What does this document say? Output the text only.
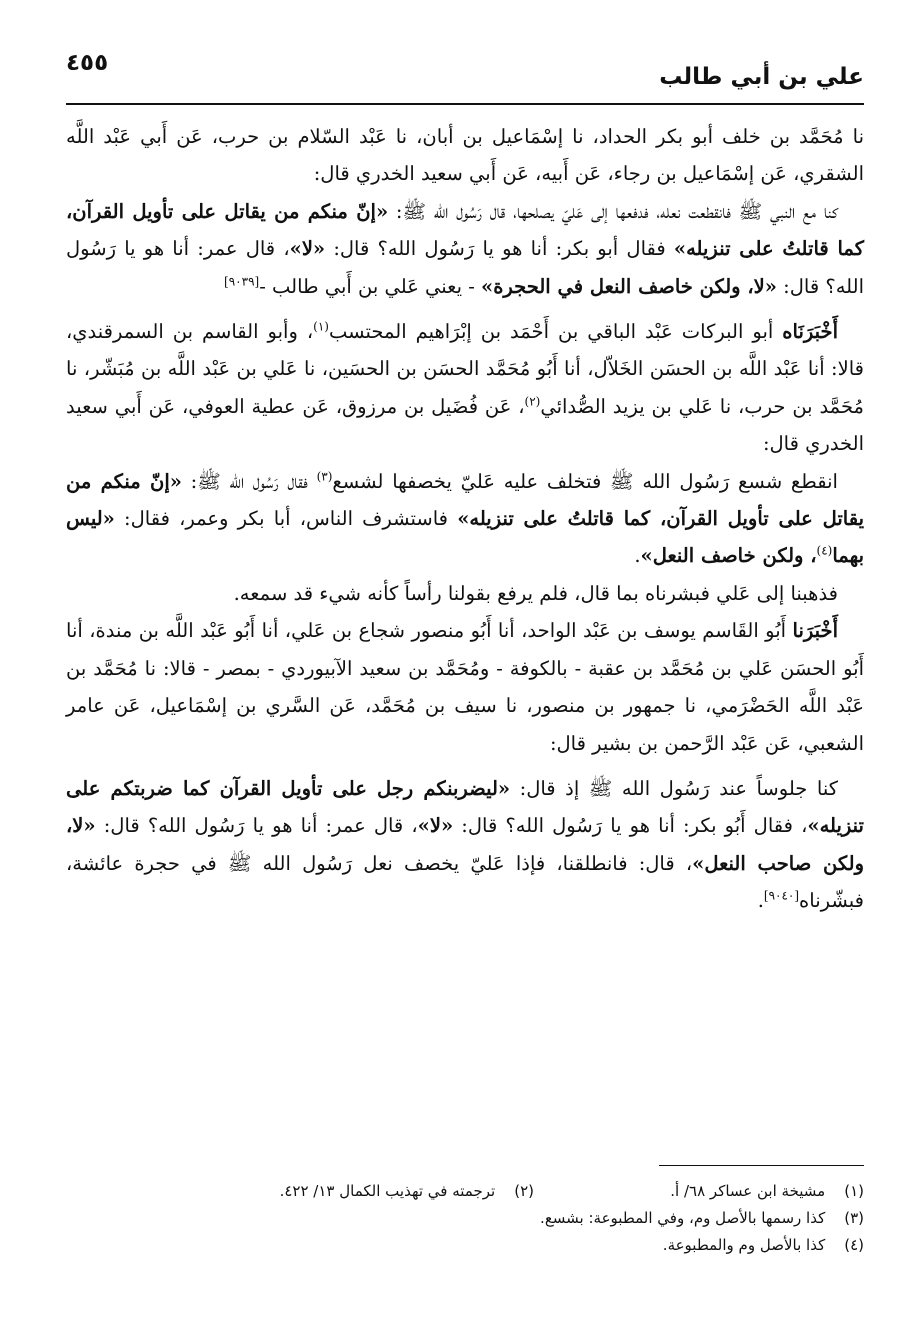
علي بن أبي طالب
٤٥٥

نا مُحَمَّد بن خلف أبو بكر الحداد، نا إسْمَاعيل بن أبان، نا عَبْد السّلام بن حرب، عَن أَبي عَبْد اللَّه الشقري، عَن إسْمَاعيل بن رجاء، عَن أَبيه، عَن أَبي سعيد الخدري قال:

كنا مع النبي ﷺ فانقطعت نعله، فدفعها إلى عَليّ يصلحها، قال رَسُول الله ﷺ: «إنّ منكم من يقاتل على تأويل القرآن، كما قاتلتُ على تنزيله» فقال أبو بكر: أنا هو يا رَسُول الله؟ قال: «لا»، قال عمر: أنا هو يا رَسُول الله؟ قال: «لا، ولكن خاصف النعل في الحجرة» - يعني عَلي بن أَبي طالب -[٩٠٣٩]

أَخْبَرَنَاه أبو البركات عَبْد الباقي بن أَحْمَد بن إبْرَاهيم المحتسب$^{(١)}$، وأبو القاسم بن السمرقندي، قالا: أنا عَبْد اللَّه بن الحسَن الخَلاّل، أنا أَبُو مُحَمَّد الحسَن بن الحسَين، نا عَلي بن عَبْد اللَّه بن مُبَشّر، نا مُحَمَّد بن حرب، نا عَلي بن يزيد الصُّدائي$^{(٢)}$، عَن فُضَيل بن مرزوق، عَن عطية العوفي، عَن أَبي سعيد الخدري قال:

انقطع شسع رَسُول الله ﷺ فتخلف عليه عَليّ يخصفها لشسع$^{(٣)}$ فقال رَسُول الله ﷺ: «إنّ منكم من يقاتل على تأويل القرآن، كما قاتلتُ على تنزيله» فاستشرف الناس، أبا بكر وعمر، فقال: «ليس بهما$^{(٤)}$، ولكن خاصف النعل».

فذهبنا إلى عَلي فبشرناه بما قال، فلم يرفع بقولنا رأساً كأنه شيء قد سمعه.

أَخْبَرَنا أَبُو القَاسم يوسف بن عَبْد الواحد، أنا أَبُو منصور شجاع بن عَلي، أنا أَبُو عَبْد اللَّه بن مندة، أنا أَبُو الحسَن عَلي بن مُحَمَّد بن عقبة - بالكوفة - ومُحَمَّد بن سعيد الآبيوردي - بمصر - قالا: نا مُحَمَّد بن عَبْد اللَّه الحَضْرَمي، نا جمهور بن منصور، نا سيف بن مُحَمَّد، عَن السَّري بن إسْمَاعيل، عَن عامر الشعبي، عَن عَبْد الرَّحمن بن بشير قال:

كنا جلوساً عند رَسُول الله ﷺ إذ قال: «ليضربنكم رجل على تأويل القرآن كما ضربتكم على تنزيله»، فقال أَبُو بكر: أنا هو يا رَسُول الله؟ قال: «لا»، قال عمر: أنا هو يا رَسُول الله؟ قال: «لا، ولكن صاحب النعل»، قال: فانطلقنا، فإذا عَليّ يخصف نعل رَسُول الله ﷺ في حجرة عائشة، فبشّرناه[٩٠٤٠].

(١) مشيخة ابن عساكر ٦٨/ أ.
(٢) ترجمته في تهذيب الكمال ١٣/ ٤٢٢.
(٣) كذا رسمها بالأصل وم، وفي المطبوعة: بشسع.
(٤) كذا بالأصل وم والمطبوعة.
